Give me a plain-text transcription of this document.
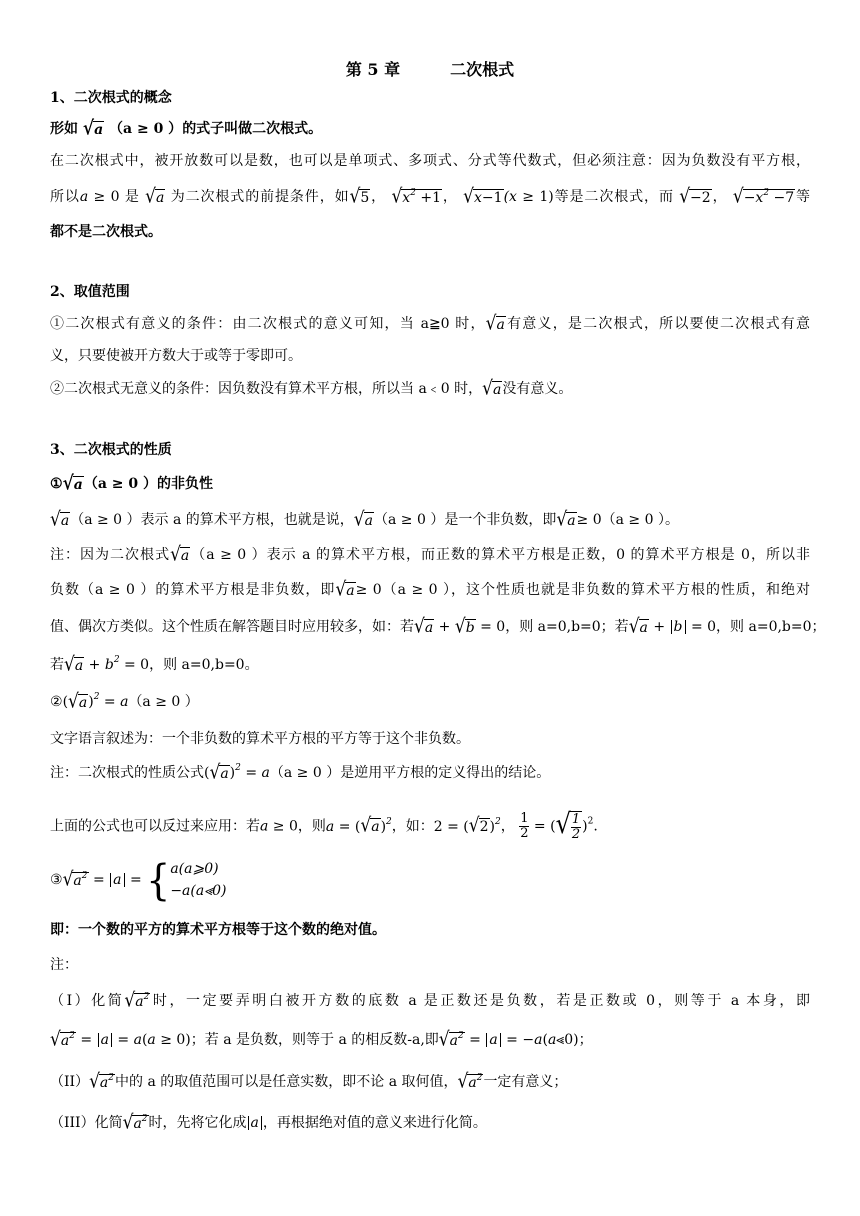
第 5 章	二次根式
1、二次根式的概念
形如 √a （a ≥ 0 ）的式子叫做二次根式。
在二次根式中，被开放数可以是数，也可以是单项式、多项式、分式等代数式，但必须注意：因为负数没有平方根，
所以a ≥ 0 是 √a 为二次根式的前提条件，如√5， $√x^2 +1$， √x−1(x ≥ 1)等是二次根式，而 √−2， $√-x^2 -7$等
都不是二次根式。
2、取值范围
①二次根式有意义的条件：由二次根式的意义可知，当 a≧0 时，√a有意义，是二次根式，所以要使二次根式有意
义，只要使被开方数大于或等于零即可。
②二次根式无意义的条件：因负数没有算术平方根，所以当 a﹤0 时，√a没有意义。
3、二次根式的性质
①√a（a ≥ 0 ）的非负性
√a（a ≥ 0 ）表示 a 的算术平方根，也就是说，√a（a ≥ 0 ）是一个非负数，即√a≥ 0（a ≥ 0 ）。
注：因为二次根式√a（a ≥ 0 ）表示 a 的算术平方根，而正数的算术平方根是正数，0 的算术平方根是 0，所以非
负数（a ≥ 0 ）的算术平方根是非负数，即√a≥ 0（a ≥ 0 ），这个性质也就是非负数的算术平方根的性质，和绝对
值、偶次方类似。这个性质在解答题目时应用较多，如：若√a + √b = 0，则 a=0,b=0；若√a + b = 0，则 a=0,b=0；
若$√a + b^2 = 0$，则 a=0,b=0。
$②(√a)^2 = a(a \ge 0$ ）
文字语言叙述为：一个非负数的算术平方根的平方等于这个非负数。
注：二次根式的性质公式$(√a)^2 = a(a \ge 0$ ）是逆用平方根的定义得出的结论。
上面的公式也可以反过来应用：若a ≥ 0，则$a = (√a)^2$，如：$2 = (√2)^2$， $\frac{1}{2}$ = (√ $\frac{1}{2} )^2$.
$③√a^2 = a$ = { a(a⩾0)
−a(a⪡0)
即：一个数的平方的算术平方根等于这个数的绝对值。
注：
（I）化简$√a^2$时，一定要弄明白被开方数的底数 a 是正数还是负数，若是正数或 0，则等于 a 本身，即
$√a^2 = a = a(a \ge 0)$；若 a 是负数，则等于 a 的相反数-a,即$√a^2 = a$ = −a(a⪡0)；
$(II)√a^2$中的 a 的取值范围可以是任意实数，即不论 a 取何值，$√a^2$一定有意义；
（III）化简$√a^2$时，先将它化成 a ，再根据绝对值的意义来进行化简。
